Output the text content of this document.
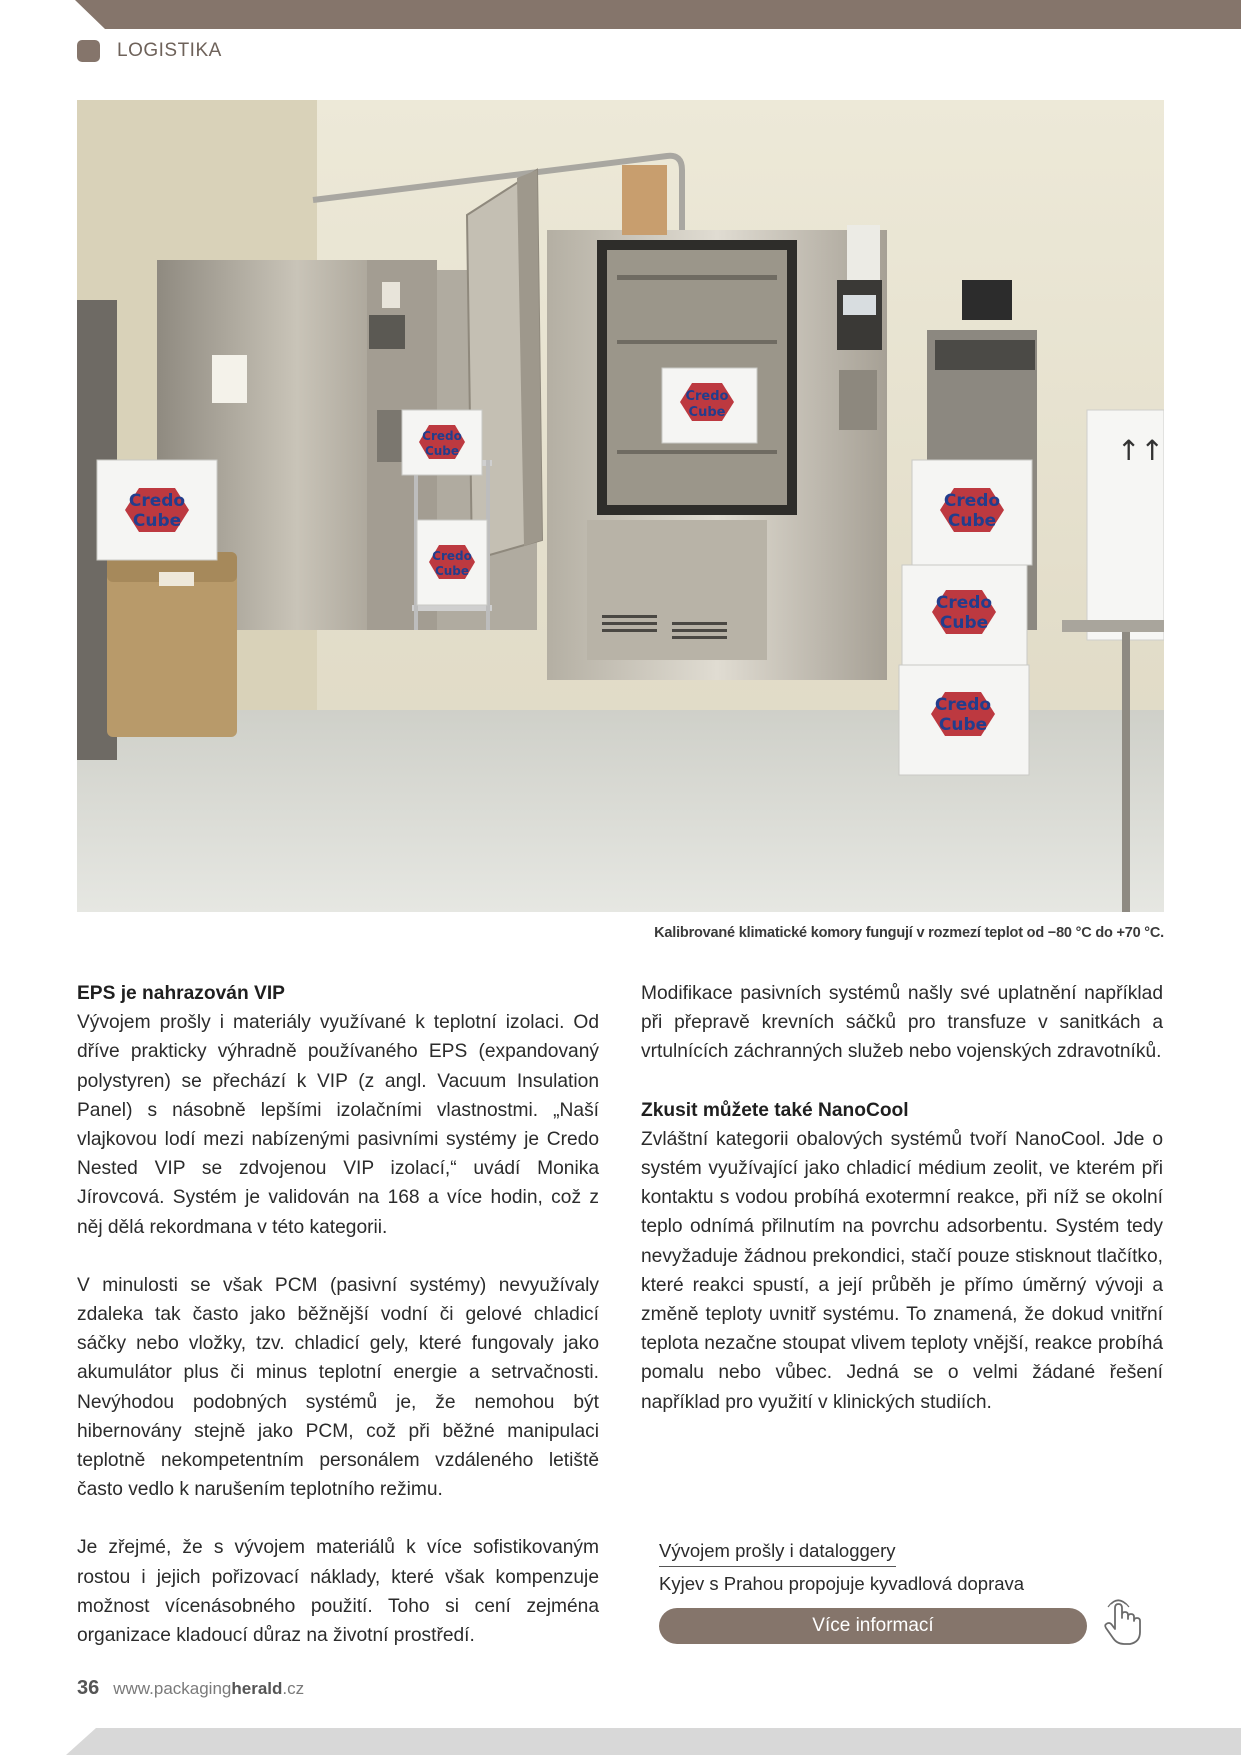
LOGISTIKA
Credo
Cube
Credo
Cube
Credo
Cube
Credo
Cube
Credo
Cube
Credo
Cube
Credo
Cube
↑↑
Kalibrované klimatické komory fungují v rozmezí teplot od −80 °C do +70 °C.
EPS je nahrazován VIP

Vývojem prošly i materiály využívané k teplotní izolaci. Od dříve prakticky výhradně používaného EPS (expandovaný polystyren) se přechází k VIP (z angl. Vacuum Insulation Panel) s násobně lepšími izolačními vlastnostmi. „Naší vlajkovou lodí mezi nabízenými pasivními systémy je Credo Nested VIP se zdvojenou VIP izolací,“ uvádí Monika Jírovcová. Systém je validován na 168 a více hodin, což z něj dělá rekordmana v této kategorii.

V minulosti se však PCM (pasivní systémy) nevyužívaly zdaleka tak často jako běžnější vodní či gelové chladicí sáčky nebo vložky, tzv. chladicí gely, které fungovaly jako akumulátor plus či minus teplotní energie a setrvačnosti. Nevýhodou podobných systémů je, že nemohou být hibernovány stejně jako PCM, což při běžné manipulaci teplotně nekompetentním personálem vzdáleného letiště často vedlo k narušením teplotního režimu.

Je zřejmé, že s vývojem materiálů k více sofistikovaným rostou i jejich pořizovací náklady, které však kompenzuje možnost vícenásobného použití. Toho si cení zejména organizace kladoucí důraz na životní prostředí.

Modifikace pasivních systémů našly své uplatnění například při přepravě krevních sáčků pro transfuze v sanitkách a vrtulnících záchranných služeb nebo vojenských zdravotníků.

Zkusit můžete také NanoCool

Zvláštní kategorii obalových systémů tvoří NanoCool. Jde o systém využívající jako chladicí médium zeolit, ve kterém při kontaktu s vodou probíhá exotermní reakce, při níž se okolní teplo odnímá přilnutím na povrchu adsorbentu. Systém tedy nevyžaduje žádnou prekondici, stačí pouze stisknout tlačítko, které reakci spustí, a její průběh je přímo úměrný vývoji a změně teploty uvnitř systému. To znamená, že dokud vnitřní teplota nezačne stoupat vlivem teploty vnější, reakce probíhá pomalu nebo vůbec. Jedná se o velmi žádané řešení například pro využití v klinických studiích.

Vývojem prošly i dataloggery
Kyjev s Prahou propojuje kyvadlová doprava
Více informací
36 www.packagingherald.cz
